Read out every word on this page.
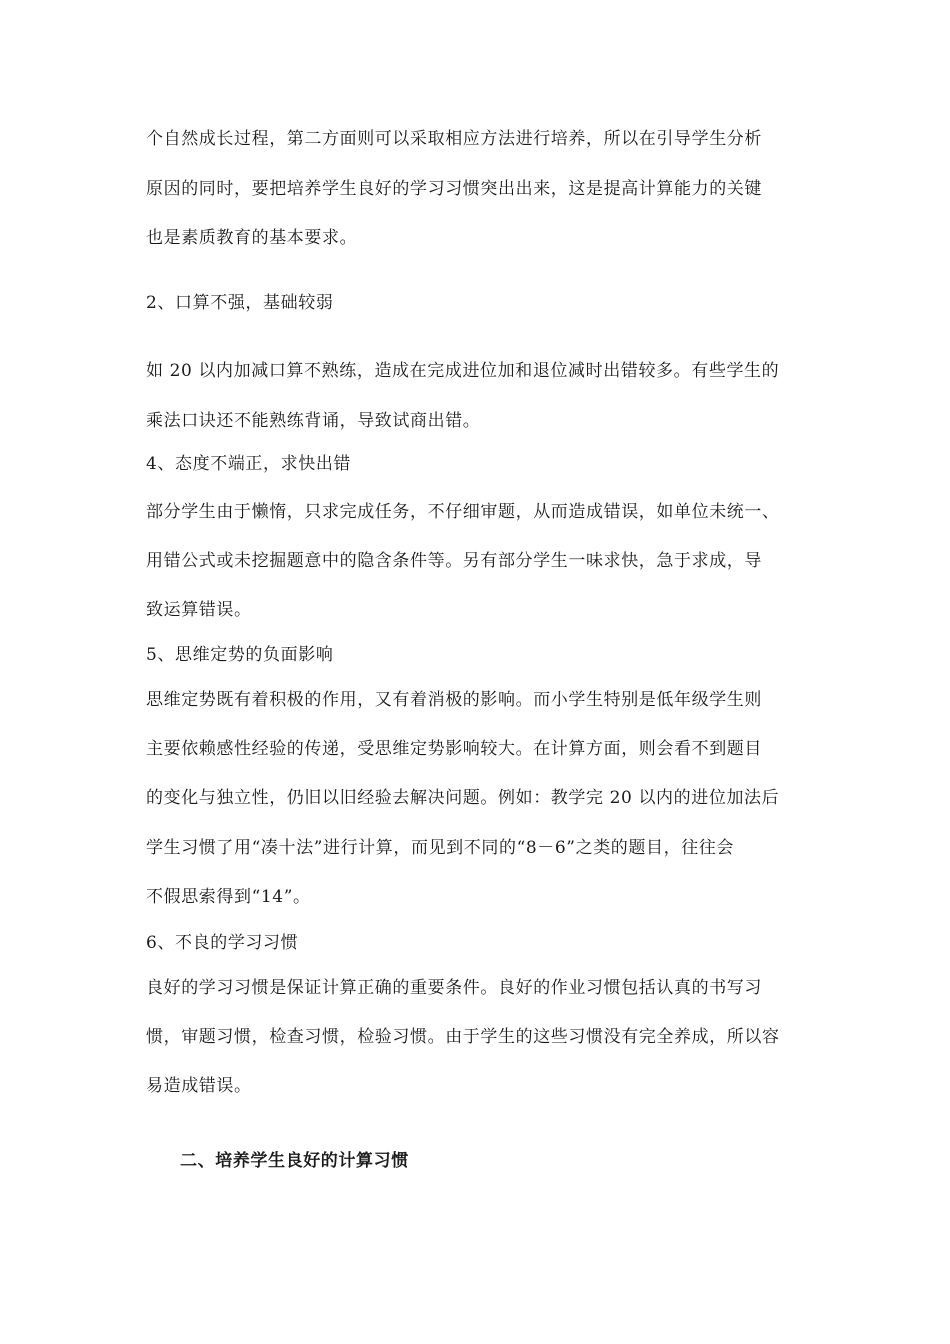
个自然成长过程，第二方面则可以采取相应方法进行培养，所以在引导学生分析
原因的同时，要把培养学生良好的学习习惯突出出来，这是提高计算能力的关键
也是素质教育的基本要求。
2、口算不强，基础较弱
如 20 以内加减口算不熟练，造成在完成进位加和退位减时出错较多。有些学生的
乘法口诀还不能熟练背诵，导致试商出错。
4、态度不端正，求快出错
部分学生由于懒惰，只求完成任务，不仔细审题，从而造成错误，如单位未统一、
用错公式或未挖掘题意中的隐含条件等。另有部分学生一味求快，急于求成，导
致运算错误。
5、思维定势的负面影响
思维定势既有着积极的作用，又有着消极的影响。而小学生特别是低年级学生则
主要依赖感性经验的传递，受思维定势影响较大。在计算方面，则会看不到题目
的变化与独立性，仍旧以旧经验去解决问题。例如：教学完 20 以内的进位加法后
学生习惯了用“凑十法”进行计算，而见到不同的“8－6”之类的题目，往往会
不假思索得到“14”。
6、不良的学习习惯
良好的学习习惯是保证计算正确的重要条件。良好的作业习惯包括认真的书写习
惯，审题习惯，检查习惯，检验习惯。由于学生的这些习惯没有完全养成，所以容
易造成错误。
二、培养学生良好的计算习惯
